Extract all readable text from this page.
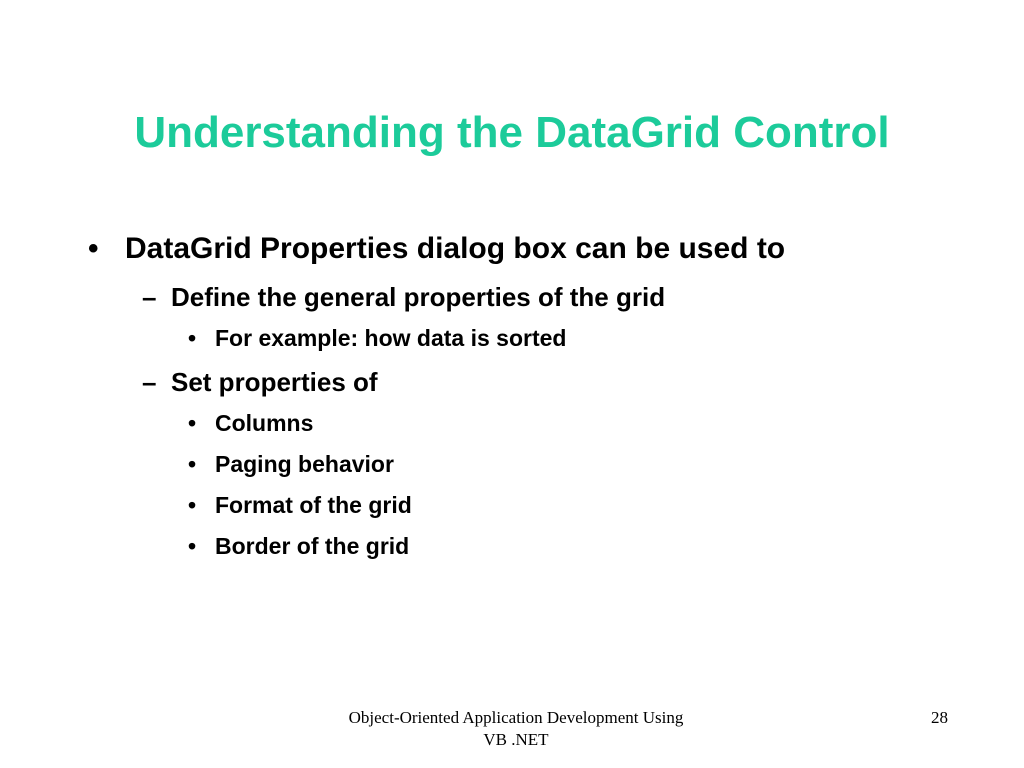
Understanding the DataGrid Control
• DataGrid Properties dialog box can be used to
– Define the general properties of the grid
• For example: how data is sorted
– Set properties of
• Columns
• Paging behavior
• Format of the grid
• Border of the grid
Object-Oriented Application Development Using
VB .NET
28
